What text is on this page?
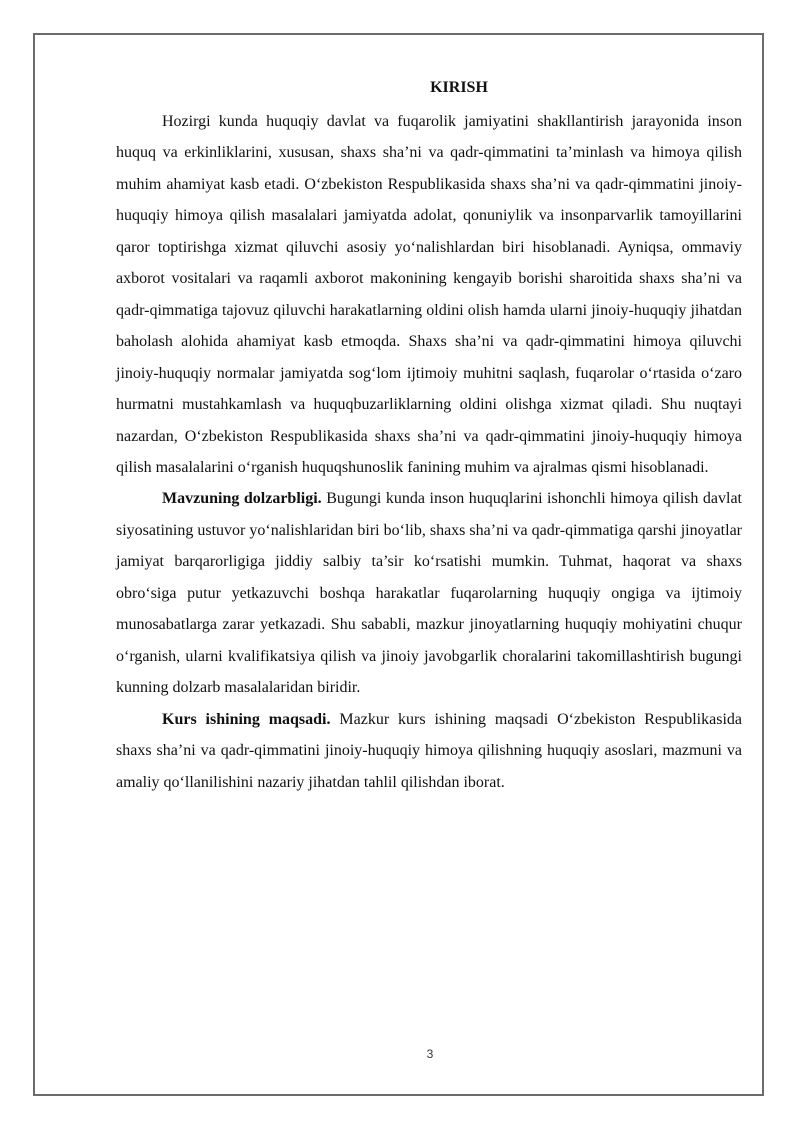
KIRISH

Hozirgi kunda huquqiy davlat va fuqarolik jamiyatini shakllantirish jarayonida inson huquq va erkinliklarini, xususan, shaxs sha’ni va qadr-qimmatini ta’minlash va himoya qilish muhim ahamiyat kasb etadi. O‘zbekiston Respublikasida shaxs sha’ni va qadr-qimmatini jinoiy-huquqiy himoya qilish masalalari jamiyatda adolat, qonuniylik va insonparvarlik tamoyillarini qaror toptirishga xizmat qiluvchi asosiy yo‘nalishlardan biri hisoblanadi. Ayniqsa, ommaviy axborot vositalari va raqamli axborot makonining kengayib borishi sharoitida shaxs sha’ni va qadr-qimmatiga tajovuz qiluvchi harakatlarning oldini olish hamda ularni jinoiy-huquqiy jihatdan baholash alohida ahamiyat kasb etmoqda. Shaxs sha’ni va qadr-qimmatini himoya qiluvchi jinoiy-huquqiy normalar jamiyatda sog‘lom ijtimoiy muhitni saqlash, fuqarolar o‘rtasida o‘zaro hurmatni mustahkamlash va huquqbuzarliklarning oldini olishga xizmat qiladi. Shu nuqtayi nazardan, O‘zbekiston Respublikasida shaxs sha’ni va qadr-qimmatini jinoiy-huquqiy himoya qilish masalalarini o‘rganish huquqshunoslik fanining muhim va ajralmas qismi hisoblanadi.

Mavzuning dolzarbligi. Bugungi kunda inson huquqlarini ishonchli himoya qilish davlat siyosatining ustuvor yo‘nalishlaridan biri bo‘lib, shaxs sha’ni va qadr-qimmatiga qarshi jinoyatlar jamiyat barqarorligiga jiddiy salbiy ta’sir ko‘rsatishi mumkin. Tuhmat, haqorat va shaxs obro‘siga putur yetkazuvchi boshqa harakatlar fuqarolarning huquqiy ongiga va ijtimoiy munosabatlarga zarar yetkazadi. Shu sababli, mazkur jinoyatlarning huquqiy mohiyatini chuqur o‘rganish, ularni kvalifikatsiya qilish va jinoiy javobgarlik choralarini takomillashtirish bugungi kunning dolzarb masalalaridan biridir.

Kurs ishining maqsadi. Mazkur kurs ishining maqsadi O‘zbekiston Respublikasida shaxs sha’ni va qadr-qimmatini jinoiy-huquqiy himoya qilishning huquqiy asoslari, mazmuni va amaliy qo‘llanilishini nazariy jihatdan tahlil qilishdan iborat.

3
